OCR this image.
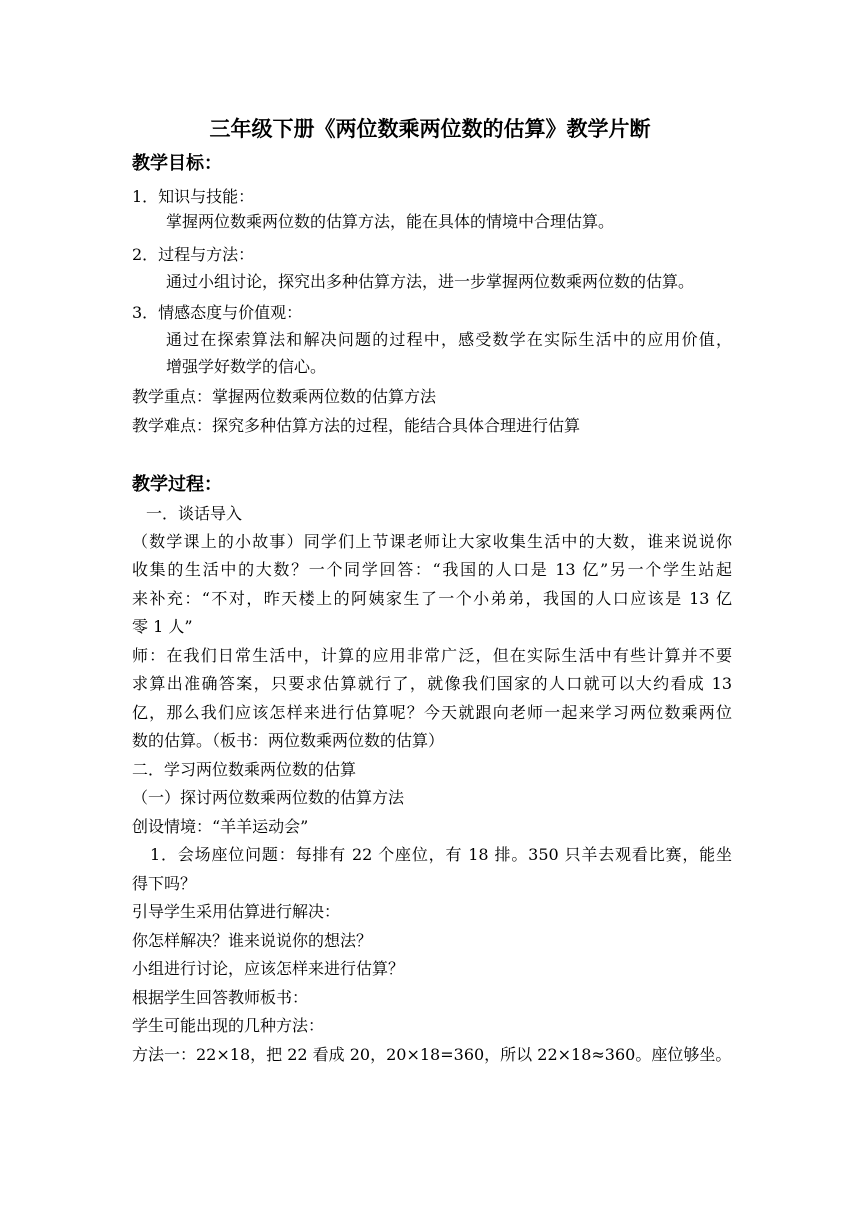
三年级下册《两位数乘两位数的估算》教学片断
教学目标：
1．知识与技能：
掌握两位数乘两位数的估算方法，能在具体的情境中合理估算。
2．过程与方法：
通过小组讨论，探究出多种估算方法，进一步掌握两位数乘两位数的估算。
3．情感态度与价值观：
通过在探索算法和解决问题的过程中，感受数学在实际生活中的应用价值，
增强学好数学的信心。
教学重点：掌握两位数乘两位数的估算方法
教学难点：探究多种估算方法的过程，能结合具体合理进行估算
教学过程：
一．谈话导入
（数学课上的小故事）同学们上节课老师让大家收集生活中的大数，谁来说说你
收集的生活中的大数？一个同学回答：“我国的人口是 13 亿”另一个学生站起
来补充：“不对，昨天楼上的阿姨家生了一个小弟弟，我国的人口应该是 13 亿
零 1 人”
师：在我们日常生活中，计算的应用非常广泛，但在实际生活中有些计算并不要
求算出准确答案，只要求估算就行了，就像我们国家的人口就可以大约看成 13
亿，那么我们应该怎样来进行估算呢？今天就跟向老师一起来学习两位数乘两位
数的估算。（板书：两位数乘两位数的估算）
二．学习两位数乘两位数的估算
（一）探讨两位数乘两位数的估算方法
创设情境：“羊羊运动会”
1．会场座位问题：每排有 22 个座位，有 18 排。350 只羊去观看比赛，能坐
得下吗？
引导学生采用估算进行解决：
你怎样解决？谁来说说你的想法？
小组进行讨论，应该怎样来进行估算？
根据学生回答教师板书：
学生可能出现的几种方法：
方法一：22×18，把 22 看成 20，20×18=360，所以 22×18≈360。座位够坐。
